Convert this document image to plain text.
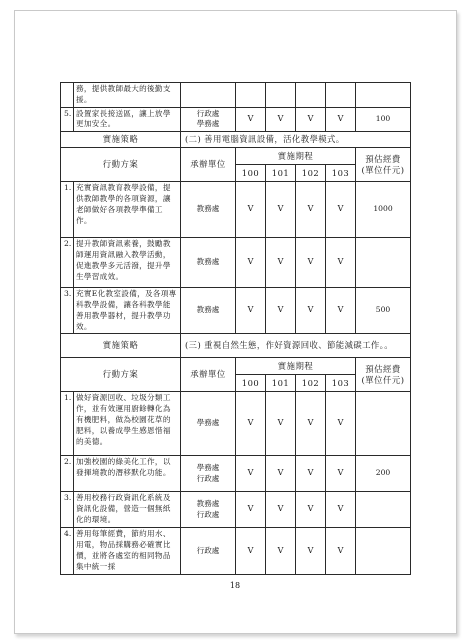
	務，提供教師最大的後勤支援。						
5.	設置家長接送區，讓上放學更加安全。	行政處
學務處	V	V	V	V	100
實施策略		(二) 善用電腦資訊設備，活化教學模式。					
行動方案		承辦單位	實施期程				預估經費
(單位仟元)

			100	101	102	103	
1.	充實資訊教育教學設備，提供教師教學的各項資源，讓老師做好各項教學準備工作。	教務處	V	V	V	V	1000
2.	提升教師資訊素養，鼓勵教師運用資訊融入教學活動，促進教學多元活潑，提升學生學習成效。	教務處	V	V	V	V	
3.	充實E化教室設備，及各項專科教學設備，讓各科教學能善用教學器材，提升教學功效。	教務處	V	V	V	V	500
實施策略		(三) 重視自然生態，作好資源回收、節能減碳工作。。					
行動方案		承辦單位	實施期程				預估經費
(單位仟元)

			100	101	102	103	
1.	做好資源回收、垃圾分類工作，並有效運用廚餘轉化為有機肥料，做為校園花草的肥料，以養成學生感恩惜福的美德。	學務處	V	V	V	V	
2.	加強校園的綠美化工作，以發揮境教的潛移默化功能。	學務處
行政處	V	V	V	V	200
3.	善用校務行政資訊化系統及資訊化設備，營造一個無紙化的環境。	教務處
行政處	V	V	V	V	
4.	善用每筆經費，節約用水、用電，物品採購務必確實比價，並將各處室的相同物品集中統一採	行政處	V	V	V	V	
18
